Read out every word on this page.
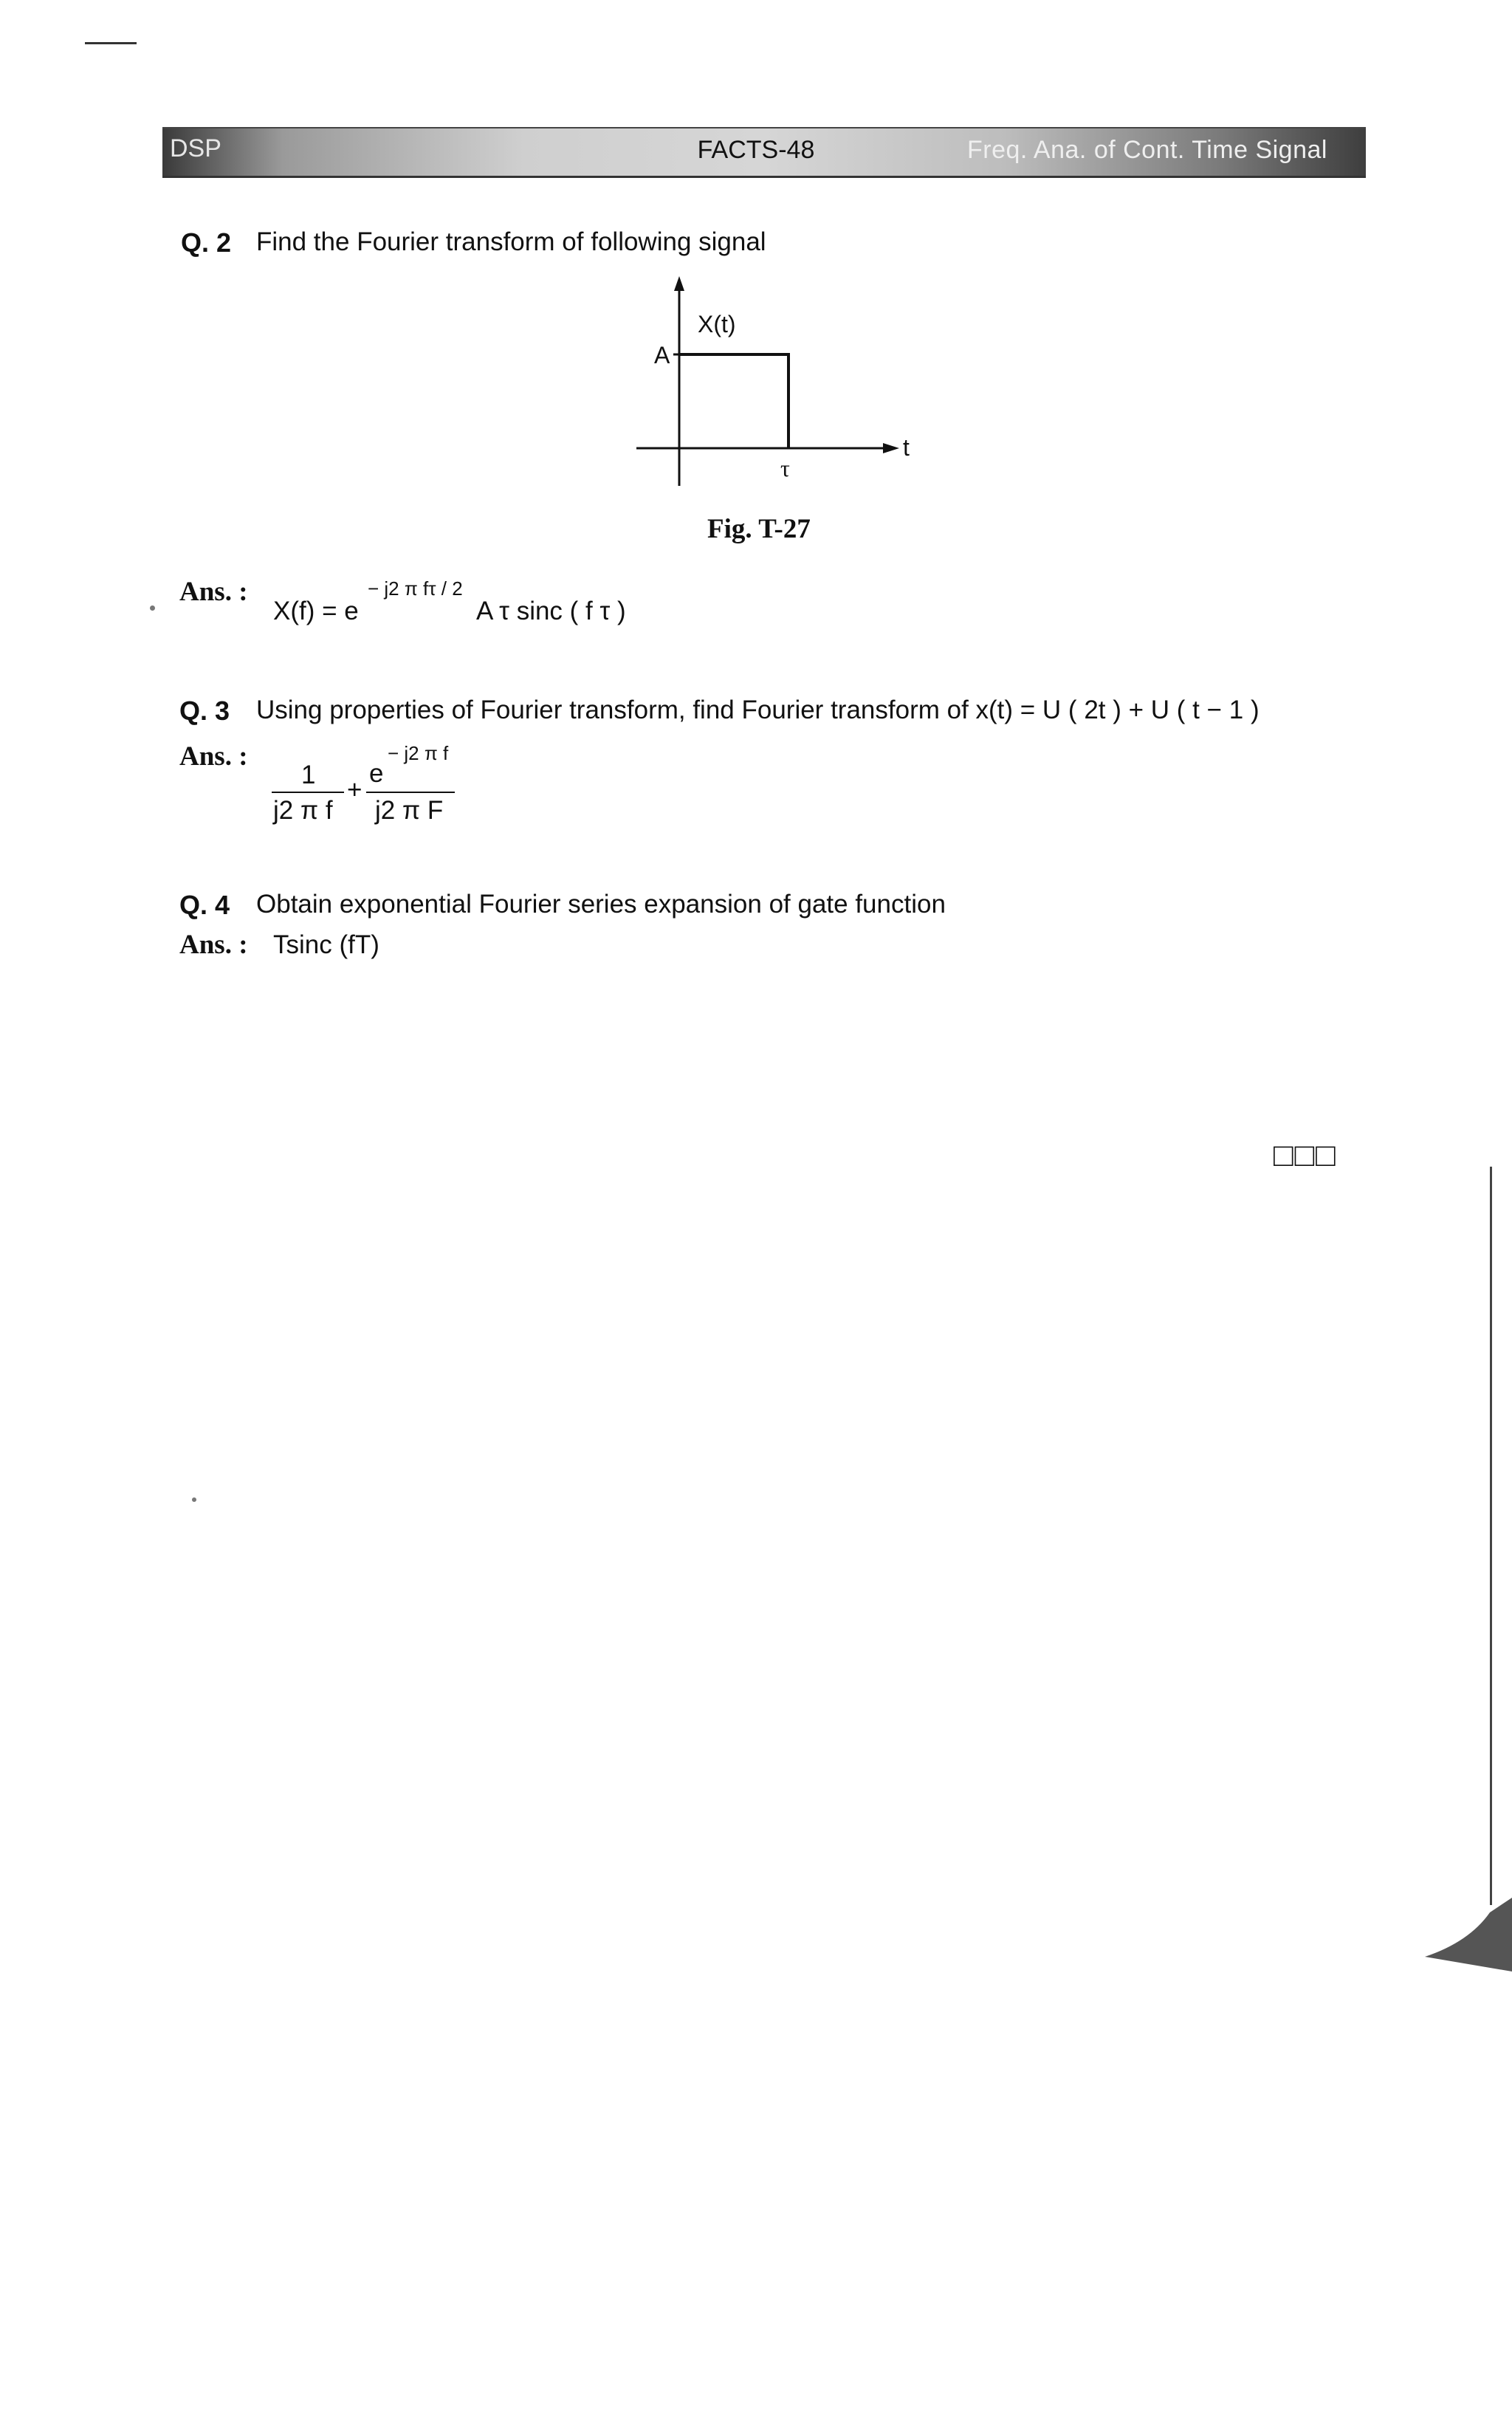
DSP	FACTS-48	Freq. Ana. of Cont. Time Signal
Q. 2 Find the Fourier transform of following signal
X(t)
A
τ
t
Fig. T-27
Ans. :
X(f) = e
− j2 π fτ / 2
A τ sinc ( f τ )
Q. 3 Using properties of Fourier transform, find Fourier transform of x(t) = U ( 2t ) + U ( t − 1 )
Ans. :
1
j2 π f
+
e
− j2 π f
j2 π F
Q. 4 Obtain exponential Fourier series expansion of gate function
Ans. : Tsinc (fT)
□□□
